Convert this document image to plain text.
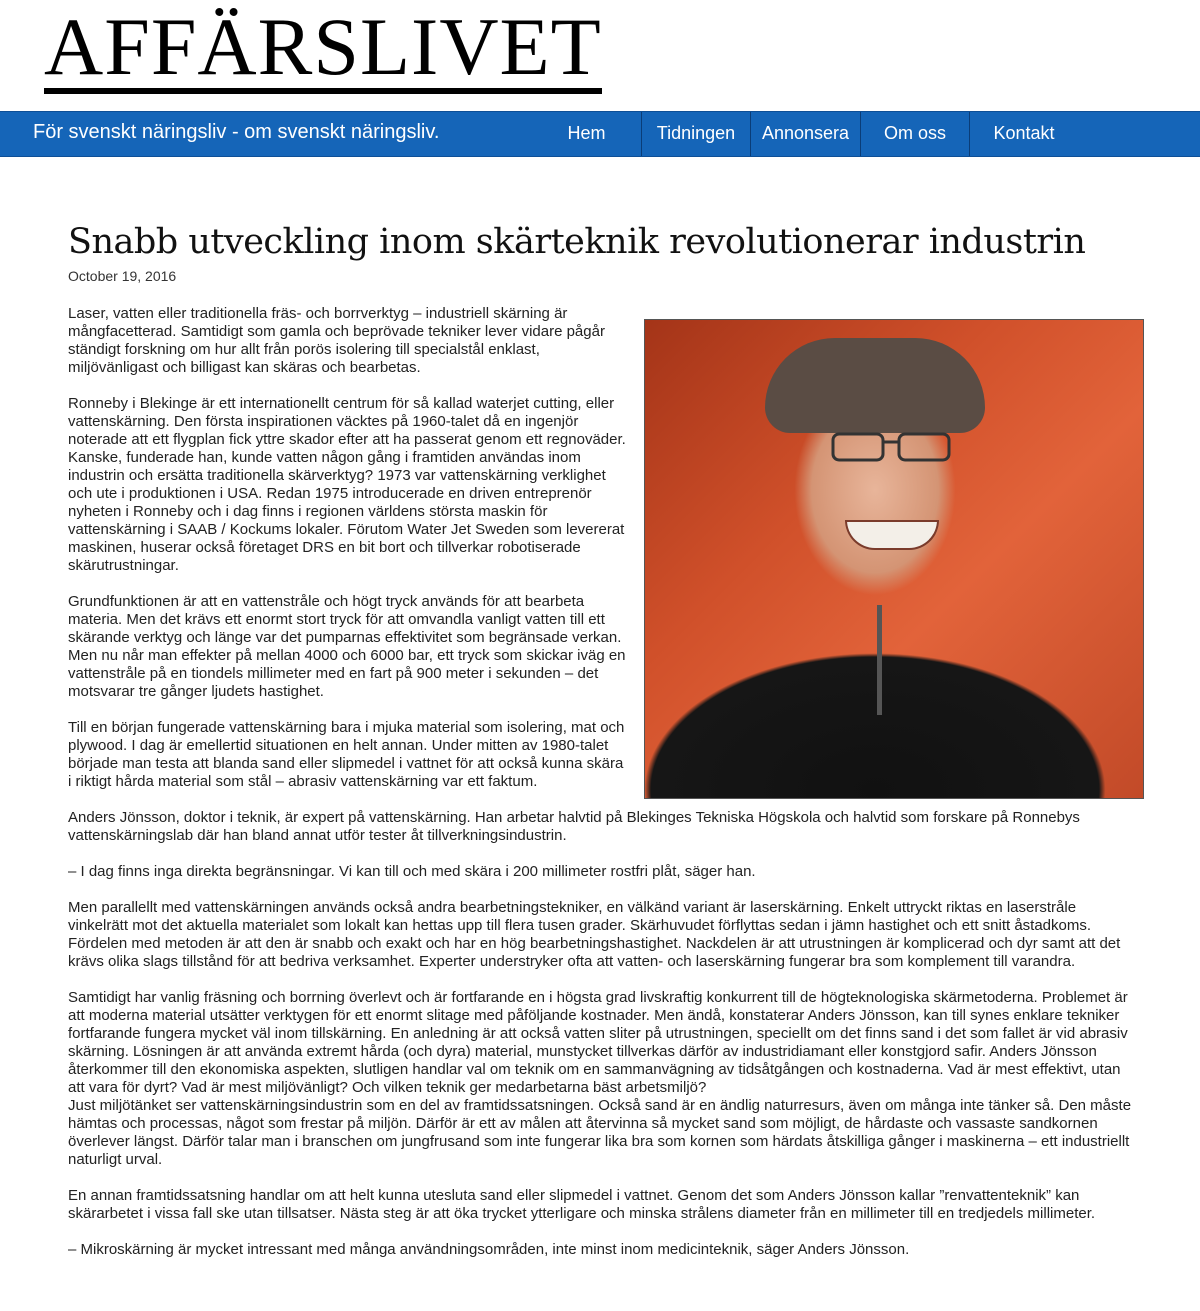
AFFÄRSLIVET
För svenskt näringsliv - om svenskt näringsliv.	Hem	Tidningen	Annonsera	Om oss	Kontakt
Snabb utveckling inom skärteknik revolutionerar industrin
October 19, 2016

Laser, vatten eller traditionella fräs- och borrverktyg – industriell skärning är mångfacetterad. Samtidigt som gamla och beprövade tekniker lever vidare pågår ständigt forskning om hur allt från porös isolering till specialstål enklast, miljövänligast och billigast kan skäras och bearbetas.

Ronneby i Blekinge är ett internationellt centrum för så kallad waterjet cutting, eller vattenskärning. Den första inspirationen väcktes på 1960-talet då en ingenjör noterade att ett flygplan fick yttre skador efter att ha passerat genom ett regnoväder. Kanske, funderade han, kunde vatten någon gång i framtiden användas inom industrin och ersätta traditionella skärverktyg? 1973 var vattenskärning verklighet och ute i produktionen i USA. Redan 1975 introducerade en driven entreprenör nyheten i Ronneby och i dag finns i regionen världens största maskin för vattenskärning i SAAB / Kockums lokaler. Förutom Water Jet Sweden som levererat maskinen, huserar också företaget DRS en bit bort och tillverkar robotiserade skärutrustningar.

Grundfunktionen är att en vattenstråle och högt tryck används för att bearbeta materia. Men det krävs ett enormt stort tryck för att omvandla vanligt vatten till ett skärande verktyg och länge var det pumparnas effektivitet som begränsade verkan. Men nu når man effekter på mellan 4000 och 6000 bar, ett tryck som skickar iväg en vattenstråle på en tiondels millimeter med en fart på 900 meter i sekunden – det motsvarar tre gånger ljudets hastighet.

Till en början fungerade vattenskärning bara i mjuka material som isolering, mat och plywood. I dag är emellertid situationen en helt annan. Under mitten av 1980-talet började man testa att blanda sand eller slipmedel i vattnet för att också kunna skära i riktigt hårda material som stål – abrasiv vattenskärning var ett faktum.

Anders Jönsson, doktor i teknik, är expert på vattenskärning. Han arbetar halvtid på Blekinges Tekniska Högskola och halvtid som forskare på Ronnebys vattenskärningslab där han bland annat utför tester åt tillverkningsindustrin.

– I dag finns inga direkta begränsningar. Vi kan till och med skära i 200 millimeter rostfri plåt, säger han.

Men parallellt med vattenskärningen används också andra bearbetningstekniker, en välkänd variant är laserskärning. Enkelt uttryckt riktas en laserstråle vinkelrätt mot det aktuella materialet som lokalt kan hettas upp till flera tusen grader. Skärhuvudet förflyttas sedan i jämn hastighet och ett snitt åstadkoms. Fördelen med metoden är att den är snabb och exakt och har en hög bearbetningshastighet. Nackdelen är att utrustningen är komplicerad och dyr samt att det krävs olika slags tillstånd för att bedriva verksamhet. Experter understryker ofta att vatten- och laserskärning fungerar bra som komplement till varandra.

Samtidigt har vanlig fräsning och borrning överlevt och är fortfarande en i högsta grad livskraftig konkurrent till de högteknologiska skärmetoderna. Problemet är att moderna material utsätter verktygen för ett enormt slitage med påföljande kostnader. Men ändå, konstaterar Anders Jönsson, kan till synes enklare tekniker fortfarande fungera mycket väl inom tillskärning. En anledning är att också vatten sliter på utrustningen, speciellt om det finns sand i det som fallet är vid abrasiv skärning. Lösningen är att använda extremt hårda (och dyra) material, munstycket tillverkas därför av industridiamant eller konstgjord safir. Anders Jönsson återkommer till den ekonomiska aspekten, slutligen handlar val om teknik om en sammanvägning av tidsåtgången och kostnaderna. Vad är mest effektivt, utan att vara för dyrt? Vad är mest miljövänligt? Och vilken teknik ger medarbetarna bäst arbetsmiljö?

Just miljötänket ser vattenskärningsindustrin som en del av framtidssatsningen. Också sand är en ändlig naturresurs, även om många inte tänker så. Den måste hämtas och processas, något som frestar på miljön. Därför är ett av målen att återvinna så mycket sand som möjligt, de hårdaste och vassaste sandkornen överlever längst. Därför talar man i branschen om jungfrusand som inte fungerar lika bra som kornen som härdats åtskilliga gånger i maskinerna – ett industriellt naturligt urval.

En annan framtidssatsning handlar om att helt kunna utesluta sand eller slipmedel i vattnet. Genom det som Anders Jönsson kallar ”renvattenteknik” kan skärarbetet i vissa fall ske utan tillsatser. Nästa steg är att öka trycket ytterligare och minska strålens diameter från en millimeter till en tredjedels millimeter.

– Mikroskärning är mycket intressant med många användningsområden, inte minst inom medicinteknik, säger Anders Jönsson.
